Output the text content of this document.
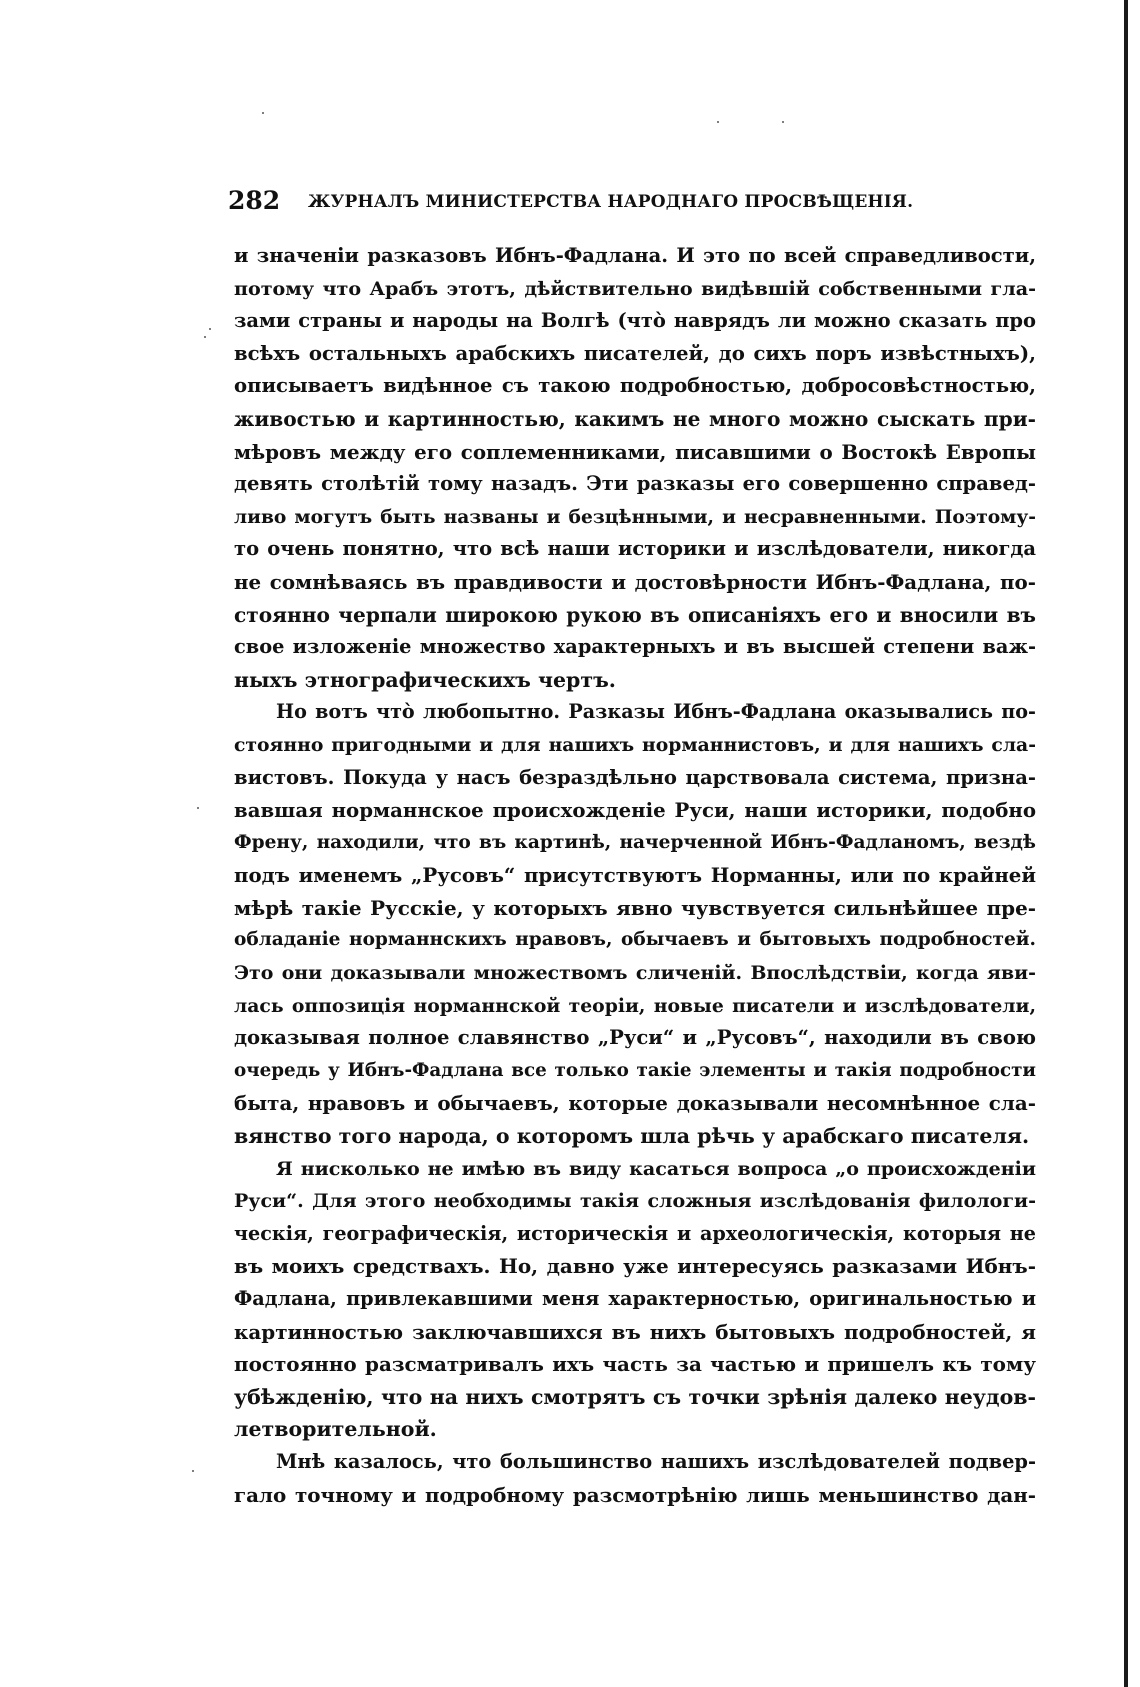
282 ЖУРНАЛЪ МИНИСТЕРСТВА НАРОДНАГО ПРОСВѢЩЕНІЯ.
и значеніи разказовъ Ибнъ-Фадлана. И это по всей справедливости,
потому что Арабъ этотъ, дѣйствительно видѣвшій собственными гла-
зами страны и народы на Волгѣ (что̀ наврядъ ли можно сказать про
всѣхъ остальныхъ арабскихъ писателей, до сихъ поръ извѣстныхъ),
описываетъ видѣнное съ такою подробностью, добросовѣстностью,
живостью и картинностью, какимъ не много можно сыскать при-
мѣровъ между его соплеменниками, писавшими о Востокѣ Европы
девять столѣтій тому назадъ. Эти разказы его совершенно справед-
ливо могутъ быть названы и безцѣнными, и несравненными. Поэтому-
то очень понятно, что всѣ наши историки и изслѣдователи, никогда
не сомнѣваясь въ правдивости и достовѣрности Ибнъ-Фадлана, по-
стоянно черпали широкою рукою въ описаніяхъ его и вносили въ
свое изложеніе множество характерныхъ и въ высшей степени важ-
ныхъ этнографическихъ чертъ.
Но вотъ что̀ любопытно. Разказы Ибнъ-Фадлана оказывались по-
стоянно пригодными и для нашихъ норманнистовъ, и для нашихъ сла-
вистовъ. Покуда у насъ безраздѣльно царствовала система, призна-
вавшая норманнское происхожденіе Руси, наши историки, подобно
Френу, находили, что въ картинѣ, начерченной Ибнъ-Фадланомъ, вездѣ
подъ именемъ „Русовъ“ присутствуютъ Норманны, или по крайней
мѣрѣ такіе Русскіе, у которыхъ явно чувствуется сильнѣйшее пре-
обладаніе норманнскихъ нравовъ, обычаевъ и бытовыхъ подробностей.
Это они доказывали множествомъ сличеній. Впослѣдствіи, когда яви-
лась оппозиція норманнской теоріи, новые писатели и изслѣдователи,
доказывая полное славянство „Руси“ и „Русовъ“, находили въ свою
очередь у Ибнъ-Фадлана все только такіе элементы и такія подробности
быта, нравовъ и обычаевъ, которые доказывали несомнѣнное сла-
вянство того народа, о которомъ шла рѣчь у арабскаго писателя.
Я нисколько не имѣю въ виду касаться вопроса „о происхожденіи
Руси“. Для этого необходимы такія сложныя изслѣдованія филологи-
ческія, географическія, историческія и археологическія, которыя не
въ моихъ средствахъ. Но, давно уже интересуясь разказами Ибнъ-
Фадлана, привлекавшими меня характерностью, оригинальностью и
картинностью заключавшихся въ нихъ бытовыхъ подробностей, я
постоянно разсматривалъ ихъ часть за частью и пришелъ къ тому
убѣжденію, что на нихъ смотрятъ съ точки зрѣнія далеко неудов-
летворительной.
Мнѣ казалось, что большинство нашихъ изслѣдователей подвер-
гало точному и подробному разсмотрѣнію лишь меньшинство дан-
